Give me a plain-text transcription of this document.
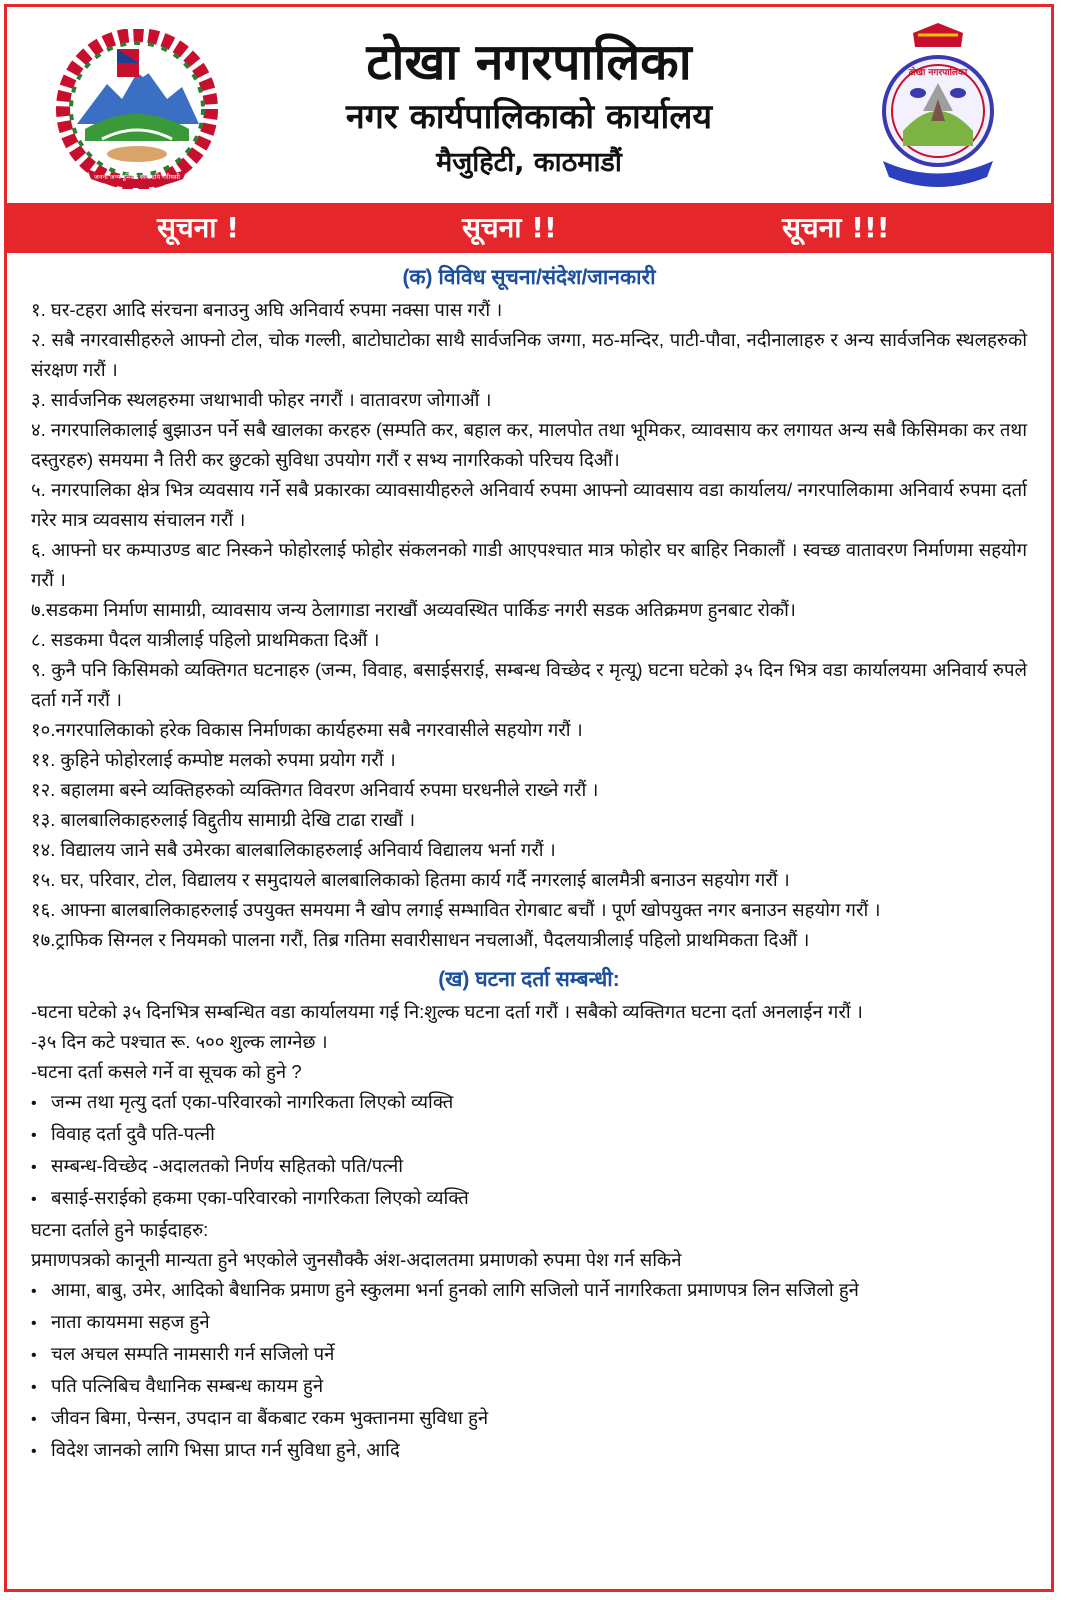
जननी जन्मभूमिश्च स्वर्गादपि गरीयसी
टोखा नगरपालिका
नगर कार्यपालिकाको कार्यालय
मैजुहिटी, काठमाडौं
टोखा नगरपालिका
सूचना !	सूचना !!	सूचना !!!
(क) विविध सूचना/संदेश/जानकारी

१. घर-टहरा आदि संरचना बनाउनु अघि अनिवार्य रुपमा नक्सा पास गरौं ।

२. सबै नगरवासीहरुले आफ्नो टोल, चोक गल्ली, बाटोघाटोका साथै सार्वजनिक जग्गा, मठ-मन्दिर, पाटी-पौवा, नदीनालाहरु र अन्य सार्वजनिक स्थलहरुको संरक्षण गरौं ।

३. सार्वजनिक स्थलहरुमा जथाभावी फोहर नगरौं । वातावरण जोगाऔं ।

४. नगरपालिकालाई बुझाउन पर्ने सबै खालका करहरु (सम्पति कर, बहाल कर, मालपोत तथा भूमिकर, व्यावसाय कर लगायत अन्य सबै किसिमका कर तथा दस्तुरहरु) समयमा नै तिरी कर छुटको सुविधा उपयोग गरौं र सभ्य नागरिकको परिचय दिऔं।

५. नगरपालिका क्षेत्र भित्र व्यवसाय गर्ने सबै प्रकारका व्यावसायीहरुले अनिवार्य रुपमा आफ्नो व्यावसाय वडा कार्यालय/ नगरपालिकामा अनिवार्य रुपमा दर्ता गरेर मात्र व्यवसाय संचालन गरौं ।

६. आफ्नो घर कम्पाउण्ड बाट निस्कने फोहोरलाई फोहोर संकलनको गाडी आएपश्चात मात्र फोहोर घर बाहिर निकालौं । स्वच्छ वातावरण निर्माणमा सहयोग गरौं ।

७.सडकमा निर्माण सामाग्री, व्यावसाय जन्य ठेलागाडा नराखौं अव्यवस्थित पार्किङ नगरी सडक अतिक्रमण हुनबाट रोकौं।

८. सडकमा पैदल यात्रीलाई पहिलो प्राथमिकता दिऔं ।

९. कुनै पनि किसिमको व्यक्तिगत घटनाहरु (जन्म, विवाह, बसाईसराई, सम्बन्ध विच्छेद र मृत्यू) घटना घटेको ३५ दिन भित्र वडा कार्यालयमा अनिवार्य रुपले दर्ता गर्ने गरौं ।

१०.नगरपालिकाको हरेक विकास निर्माणका कार्यहरुमा सबै नगरवासीले सहयोग गरौं ।

११. कुहिने फोहोरलाई कम्पोष्ट मलको रुपमा प्रयोग गरौं ।

१२. बहालमा बस्ने व्यक्तिहरुको व्यक्तिगत विवरण अनिवार्य रुपमा घरधनीले राख्ने गरौं ।

१३. बालबालिकाहरुलाई विद्दुतीय सामाग्री देखि टाढा राखौं ।

१४. विद्यालय जाने सबै उमेरका बालबालिकाहरुलाई अनिवार्य विद्यालय भर्ना गरौं ।

१५. घर, परिवार, टोल, विद्यालय र समुदायले बालबालिकाको हितमा कार्य गर्दै नगरलाई बालमैत्री बनाउन सहयोग गरौं ।

१६. आफ्ना बालबालिकाहरुलाई उपयुक्त समयमा नै खोप लगाई सम्भावित रोगबाट बचौं । पूर्ण खोपयुक्त नगर बनाउन सहयोग गरौं ।

१७.ट्राफिक सिग्नल र नियमको पालना गरौं, तिब्र गतिमा सवारीसाधन नचलाऔं, पैदलयात्रीलाई पहिलो प्राथमिकता दिऔं ।

(ख) घटना दर्ता सम्बन्धी:

-घटना घटेको ३५ दिनभित्र सम्बन्धित वडा कार्यालयमा गई नि:शुल्क घटना दर्ता गरौं । सबैको व्यक्तिगत घटना दर्ता अनलाईन गरौं ।

-३५ दिन कटे पश्चात रू. ५०० शुल्क लाग्नेछ ।

-घटना दर्ता कसले गर्ने वा सूचक को हुने ?

• जन्म तथा मृत्यु दर्ता एका-परिवारको नागरिकता लिएको व्यक्ति

• विवाह दर्ता दुवै पति-पत्नी

• सम्बन्ध-विच्छेद -अदालतको निर्णय सहितको पति/पत्नी

• बसाई-सराईको हकमा एका-परिवारको नागरिकता लिएको व्यक्ति

घटना दर्ताले हुने फाईदाहरु:

प्रमाणपत्रको कानूनी मान्यता हुने भएकोले जुनसौक्कै अंश-अदालतमा प्रमाणको रुपमा पेश गर्न सकिने

• आमा, बाबु, उमेर, आदिको बैधानिक प्रमाण हुने स्कुलमा भर्ना हुनको लागि सजिलो पार्ने नागरिकता प्रमाणपत्र लिन सजिलो हुने

• नाता कायममा सहज हुने

• चल अचल सम्पति नामसारी गर्न सजिलो पर्ने

• पति पत्निबिच वैधानिक सम्बन्ध कायम हुने

• जीवन बिमा, पेन्सन, उपदान वा बैंकबाट रकम भुक्तानमा सुविधा हुने

• विदेश जानको लागि भिसा प्राप्त गर्न सुविधा हुने, आदि
